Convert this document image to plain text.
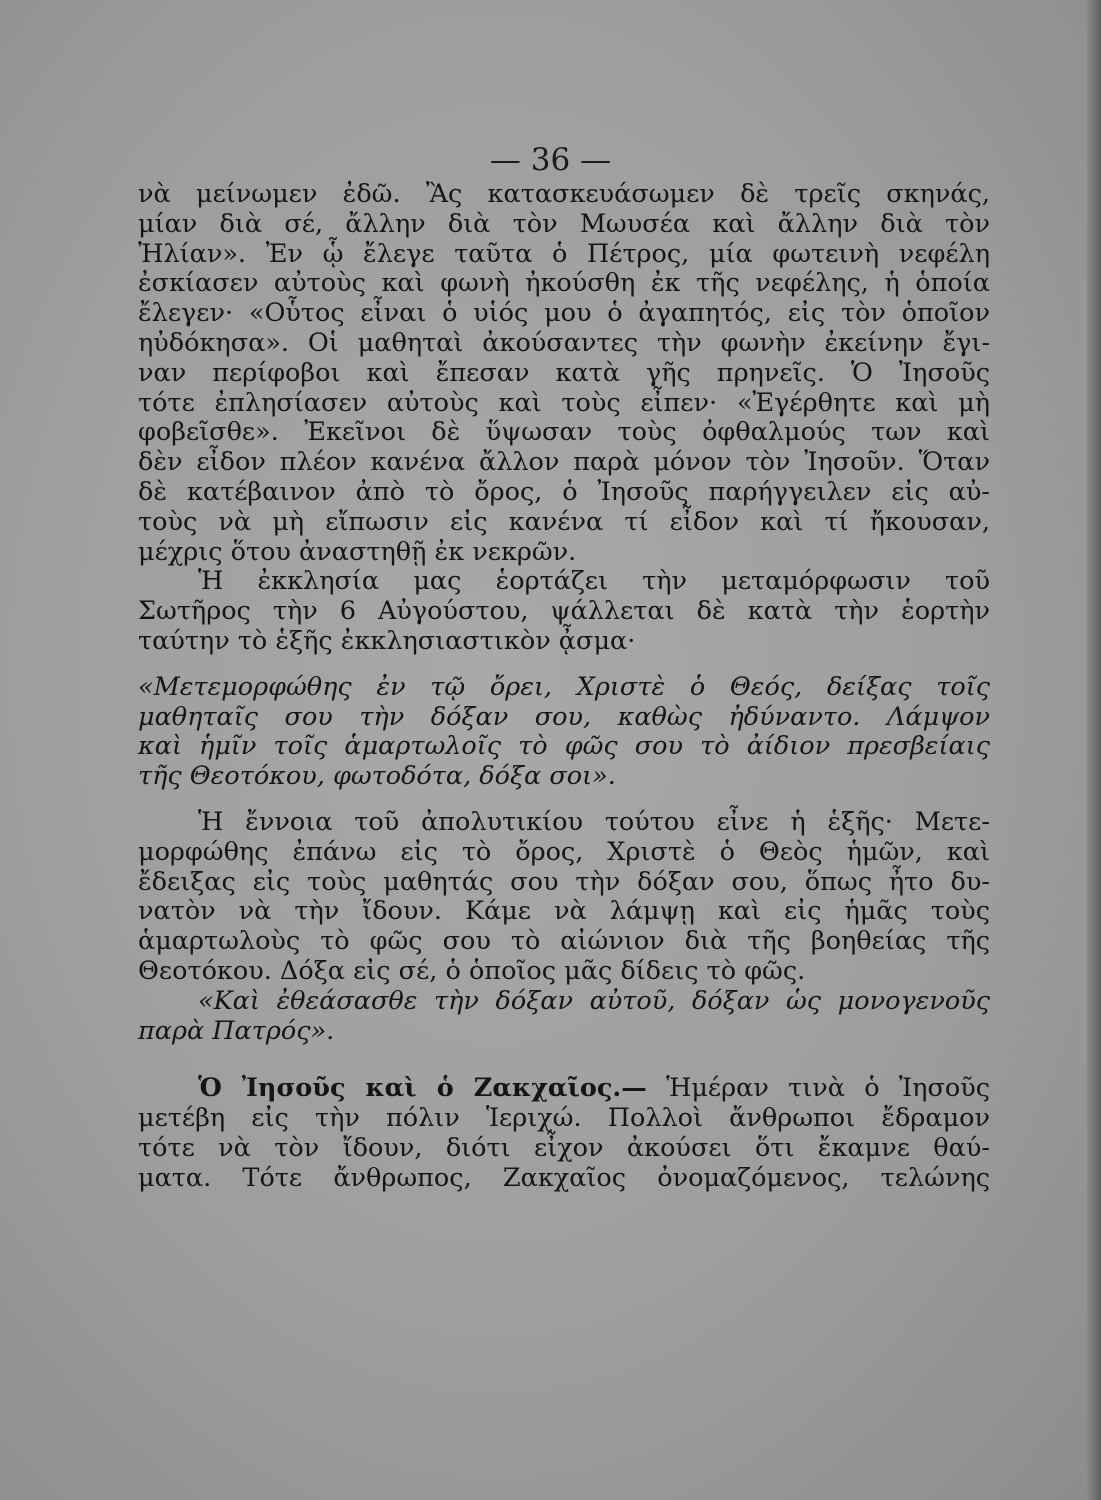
— 36 —
νὰ μείνωμεν ἐδῶ. Ἂς κατασκευάσωμεν δὲ τρεῖς σκηνάς,
μίαν διὰ σέ, ἄλλην διὰ τὸν Μωυσέα καὶ ἄλλην διὰ τὸν
Ἠλίαν». Ἐν ᾧ ἔλεγε ταῦτα ὁ Πέτρος, μία φωτεινὴ νεφέλη
ἐσκίασεν αὐτοὺς καὶ φωνὴ ἠκούσθη ἐκ τῆς νεφέλης, ἡ ὁποία
ἔλεγεν· «Οὗτος εἶναι ὁ υἱός μου ὁ ἀγαπητός, εἰς τὸν ὁποῖον
ηὐδόκησα». Οἱ μαθηταὶ ἀκούσαντες τὴν φωνὴν ἐκείνην ἔγι-
ναν περίφοβοι καὶ ἔπεσαν κατὰ γῆς πρηνεῖς. Ὁ Ἰησοῦς
τότε ἐπλησίασεν αὐτοὺς καὶ τοὺς εἶπεν· «Ἐγέρθητε καὶ μὴ
φοβεῖσθε». Ἐκεῖνοι δὲ ὕψωσαν τοὺς ὀφθαλμούς των καὶ
δὲν εἶδον πλέον κανένα ἄλλον παρὰ μόνον τὸν Ἰησοῦν. Ὅταν
δὲ κατέβαινον ἀπὸ τὸ ὄρος, ὁ Ἰησοῦς παρήγγειλεν εἰς αὐ-
τοὺς νὰ μὴ εἴπωσιν εἰς κανένα τί εἶδον καὶ τί ἤκουσαν,
μέχρις ὅτου ἀναστηθῇ ἐκ νεκρῶν.
Ἡ ἐκκλησία μας ἑορτάζει τὴν μεταμόρφωσιν τοῦ
Σωτῆρος τὴν 6 Αὐγούστου, ψάλλεται δὲ κατὰ τὴν ἑορτὴν
ταύτην τὸ ἑξῆς ἐκκλησιαστικὸν ᾆσμα·
«Μετεμορφώθης ἐν τῷ ὄρει, Χριστὲ ὁ Θεός, δείξας τοῖς
μαθηταῖς σου τὴν δόξαν σου, καθὼς ἠδύναντο. Λάμψον
καὶ ἡμῖν τοῖς ἁμαρτωλοῖς τὸ φῶς σου τὸ ἀίδιον πρεσβείαις
τῆς Θεοτόκου, φωτοδότα, δόξα σοι».
Ἡ ἔννοια τοῦ ἀπολυτικίου τούτου εἶνε ἡ ἑξῆς· Μετε-
μορφώθης ἐπάνω εἰς τὸ ὄρος, Χριστὲ ὁ Θεὸς ἡμῶν, καὶ
ἔδειξας εἰς τοὺς μαθητάς σου τὴν δόξαν σου, ὅπως ἦτο δυ-
νατὸν νὰ τὴν ἴδουν. Κάμε νὰ λάμψῃ καὶ εἰς ἡμᾶς τοὺς
ἁμαρτωλοὺς τὸ φῶς σου τὸ αἰώνιον διὰ τῆς βοηθείας τῆς
Θεοτόκου. Δόξα εἰς σέ, ὁ ὁποῖος μᾶς δίδεις τὸ φῶς.
«Καὶ ἐθεάσασθε τὴν δόξαν αὐτοῦ, δόξαν ὡς μονογενοῦς
παρὰ Πατρός».
Ὁ Ἰησοῦς καὶ ὁ Ζακχαῖος.— Ἡμέραν τινὰ ὁ Ἰησοῦς
μετέβη εἰς τὴν πόλιν Ἱεριχώ. Πολλοὶ ἄνθρωποι ἔδραμον
τότε νὰ τὸν ἴδουν, διότι εἶχον ἀκούσει ὅτι ἔκαμνε θαύ-
ματα. Τότε ἄνθρωπος, Ζακχαῖος ὀνομαζόμενος, τελώνης
